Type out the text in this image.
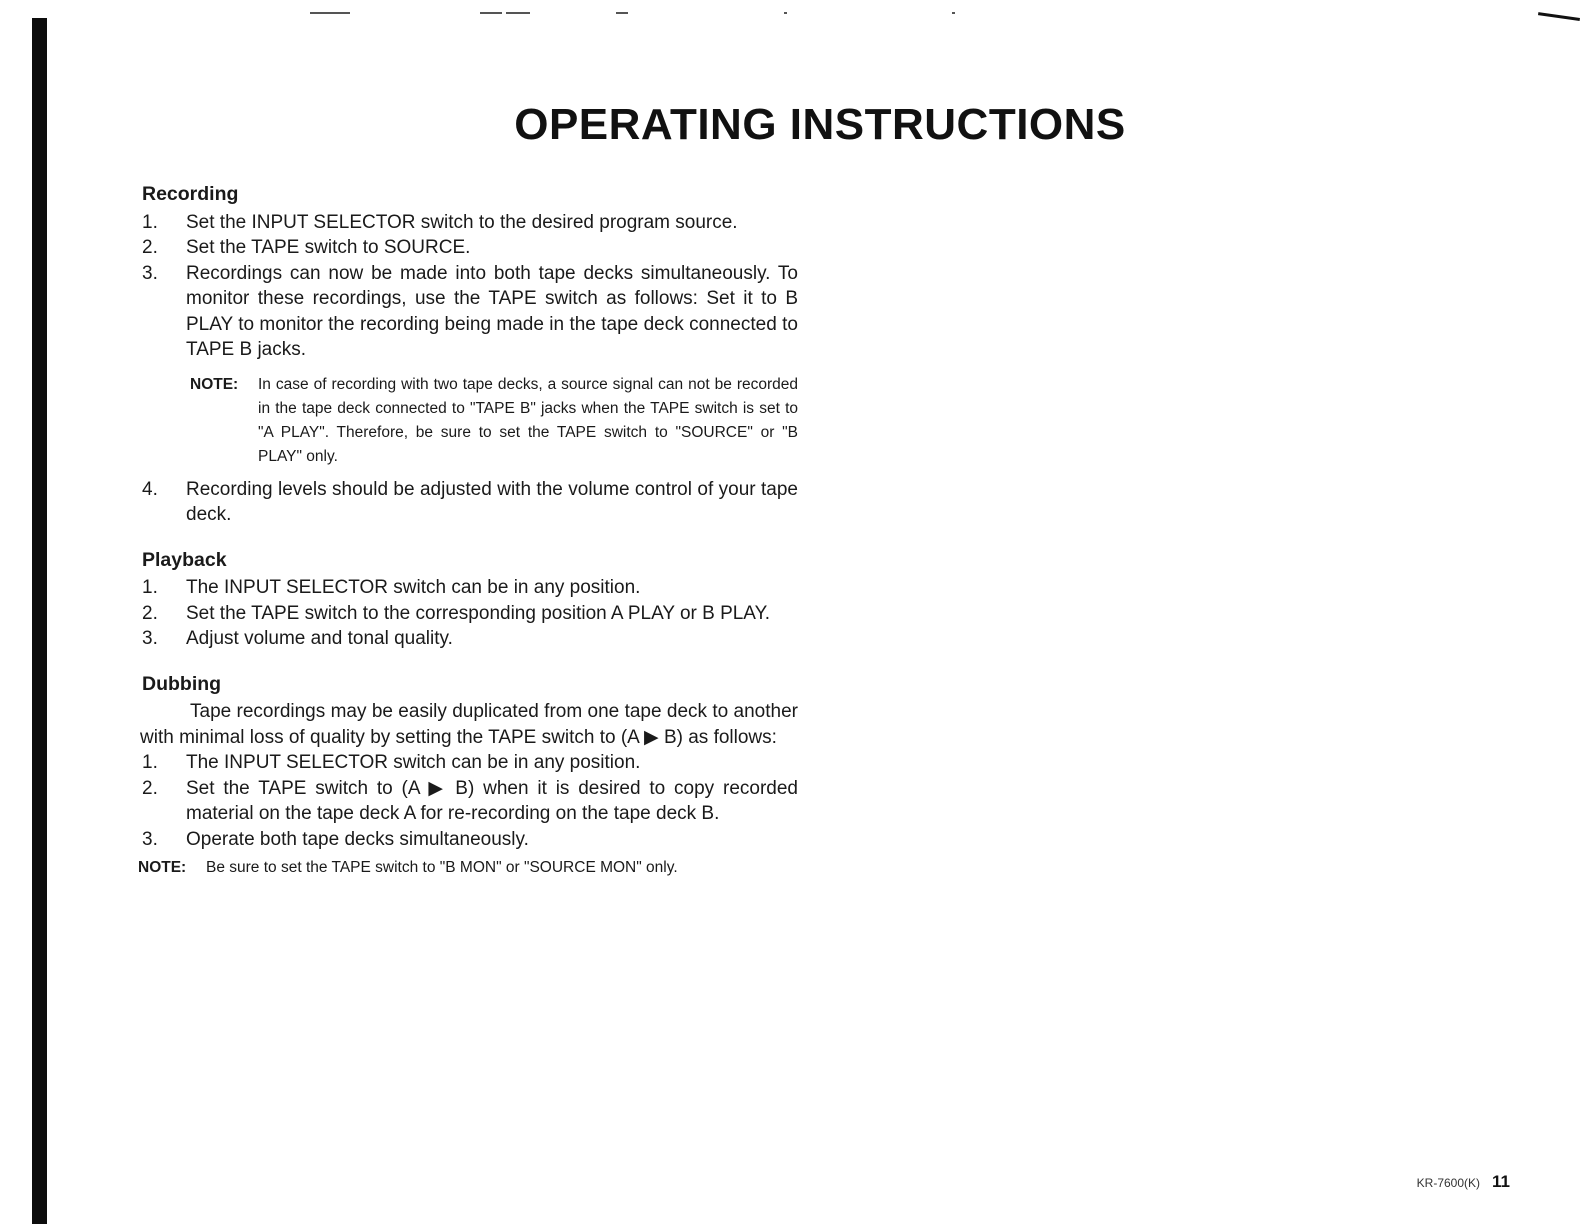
OPERATING INSTRUCTIONS
Recording
1.	Set the INPUT SELECTOR switch to the desired program source.
2.	Set the TAPE switch to SOURCE.
3.	Recordings can now be made into both tape decks simultaneously. To monitor these recordings, use the TAPE switch as follows: Set it to B PLAY to monitor the recording being made in the tape deck connected to TAPE B jacks.
NOTE:	In case of recording with two tape decks, a source signal can not be recorded in the tape deck connected to "TAPE B" jacks when the TAPE switch is set to "A PLAY". Therefore, be sure to set the TAPE switch to "SOURCE" or "B PLAY" only.
4.	Recording levels should be adjusted with the volume control of your tape deck.
Playback
1.	The INPUT SELECTOR switch can be in any position.
2.	Set the TAPE switch to the corresponding position A PLAY or B PLAY.
3.	Adjust volume and tonal quality.
Dubbing

Tape recordings may be easily duplicated from one tape deck to another with minimal loss of quality by setting the TAPE switch to (A ▶ B) as follows:

1.	The INPUT SELECTOR switch can be in any position.
2.	Set the TAPE switch to (A ▶ B) when it is desired to copy recorded material on the tape deck A for re-recording on the tape deck B.
3.	Operate both tape decks simultaneously.
NOTE:	Be sure to set the TAPE switch to "B MON" or "SOURCE MON" only.
KR-7600(K) 11
